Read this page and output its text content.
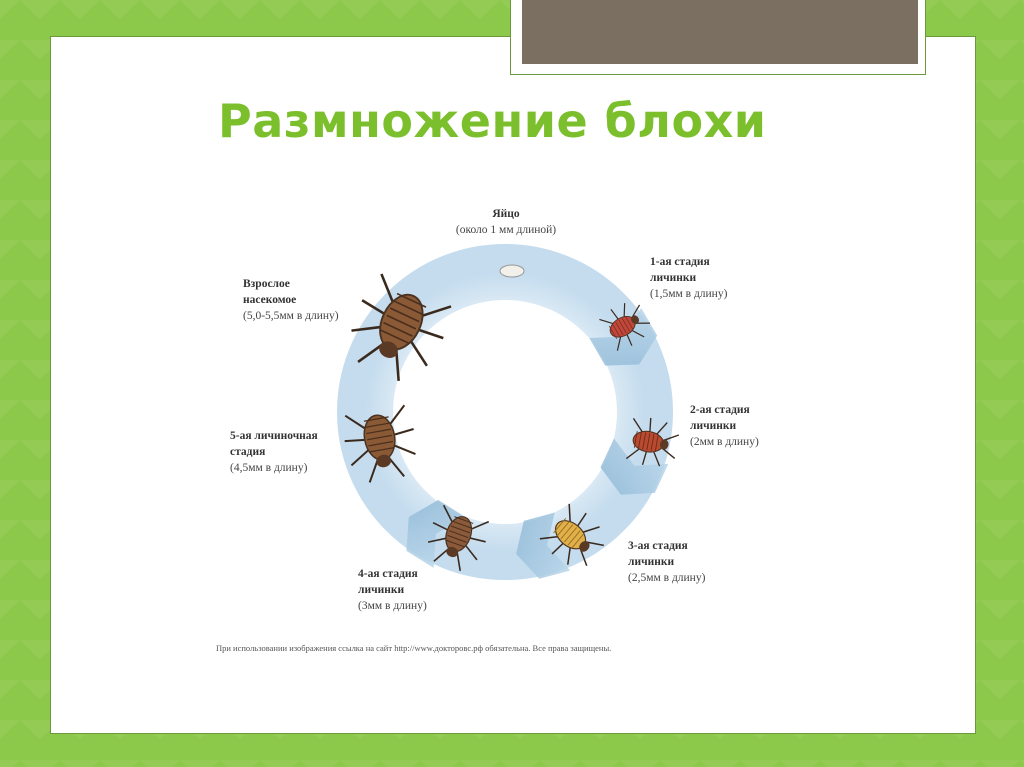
Размножение блохи
Яйцо
(около 1 мм длиной)
1-ая стадия
личинки
(1,5мм в длину)
2-ая стадия
личинки
(2мм в длину)
3-ая стадия
личинки
(2,5мм в длину)
4-ая стадия
личинки
(3мм в длину)
5-ая личиночная
стадия
(4,5мм в длину)
Взрослое
насекомое
(5,0-5,5мм в длину)
При использовании изображения ссылка на сайт http://www.докторовс.рф обязательна. Все права защищены.
